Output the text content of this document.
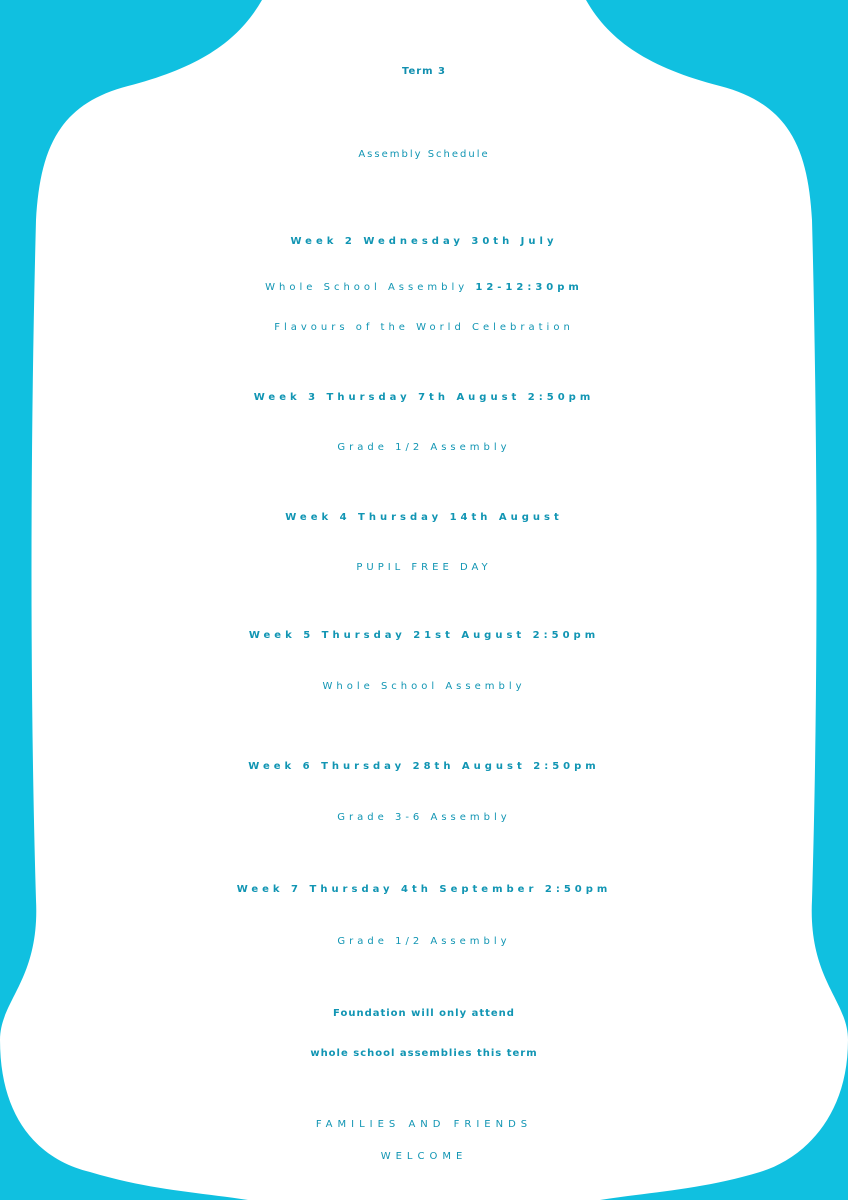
Term 3
Assembly Schedule
Week 2 Wednesday 30th July
Whole School Assembly 12-12:30pm
Flavours of the World Celebration
Week 3 Thursday 7th August 2:50pm
Grade 1/2 Assembly
Week 4 Thursday 14th August
PUPIL FREE DAY
Week 5 Thursday 21st August 2:50pm
Whole School Assembly
Week 6 Thursday 28th August 2:50pm
Grade 3-6 Assembly
Week 7 Thursday 4th September 2:50pm
Grade 1/2 Assembly
Foundation will only attend
whole school assemblies this term
FAMILIES AND FRIENDS
WELCOME
